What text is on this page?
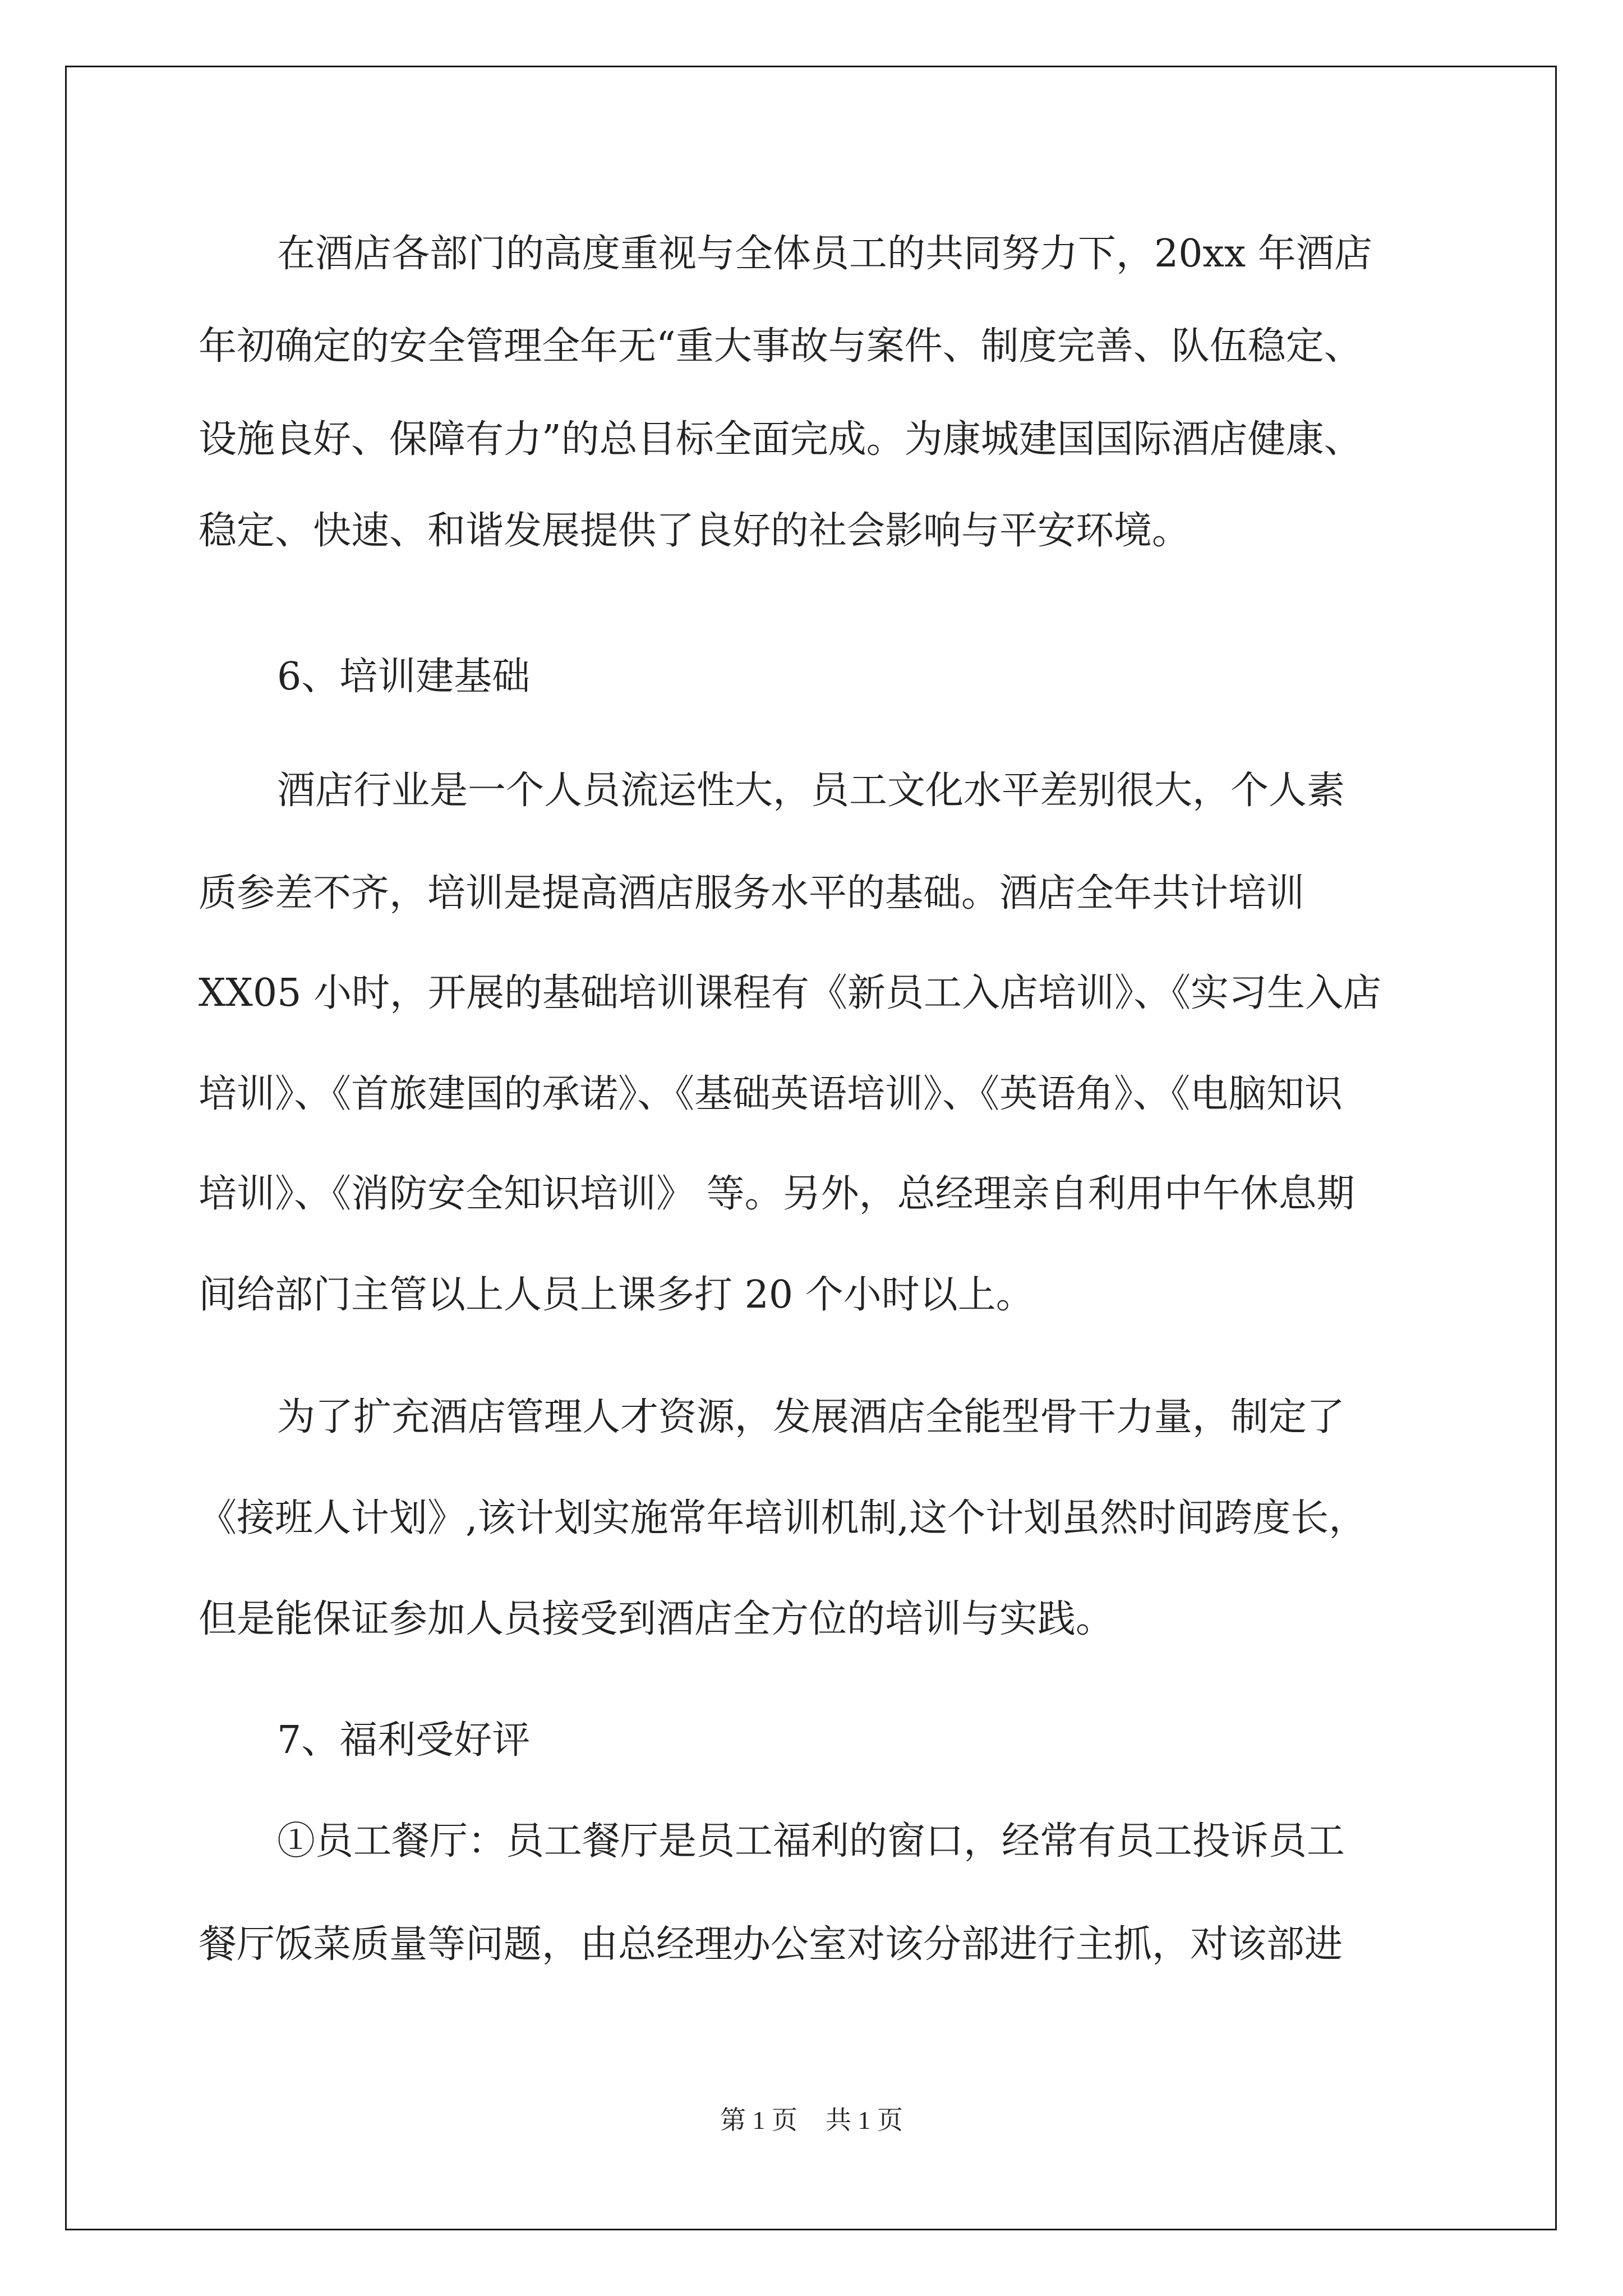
在酒店各部门的高度重视与全体员工的共同努力下，20xx 年酒店
年初确定的安全管理全年无“重大事故与案件、制度完善、队伍稳定、
设施良好、保障有力”的总目标全面完成。为康城建国国际酒店健康、
稳定、快速、和谐发展提供了良好的社会影响与平安环境。
6、培训建基础
酒店行业是一个人员流运性大，员工文化水平差别很大，个人素
质参差不齐，培训是提高酒店服务水平的基础。酒店全年共计培训
XX05 小时，开展的基础培训课程有《新员工入店培训》、《实习生入店
培训》、《首旅建国的承诺》、《基础英语培训》、《英语角》、《电脑知识
培训》、《消防安全知识培训》 等。另外，总经理亲自利用中午休息期
间给部门主管以上人员上课多打 20 个小时以上。
为了扩充酒店管理人才资源，发展酒店全能型骨干力量，制定了
《接班人计划》,该计划实施常年培训机制,这个计划虽然时间跨度长，
但是能保证参加人员接受到酒店全方位的培训与实践。
7、福利受好评
①员工餐厅：员工餐厅是员工福利的窗口，经常有员工投诉员工
餐厅饭菜质量等问题，由总经理办公室对该分部进行主抓，对该部进
第 1 页 共 1 页
